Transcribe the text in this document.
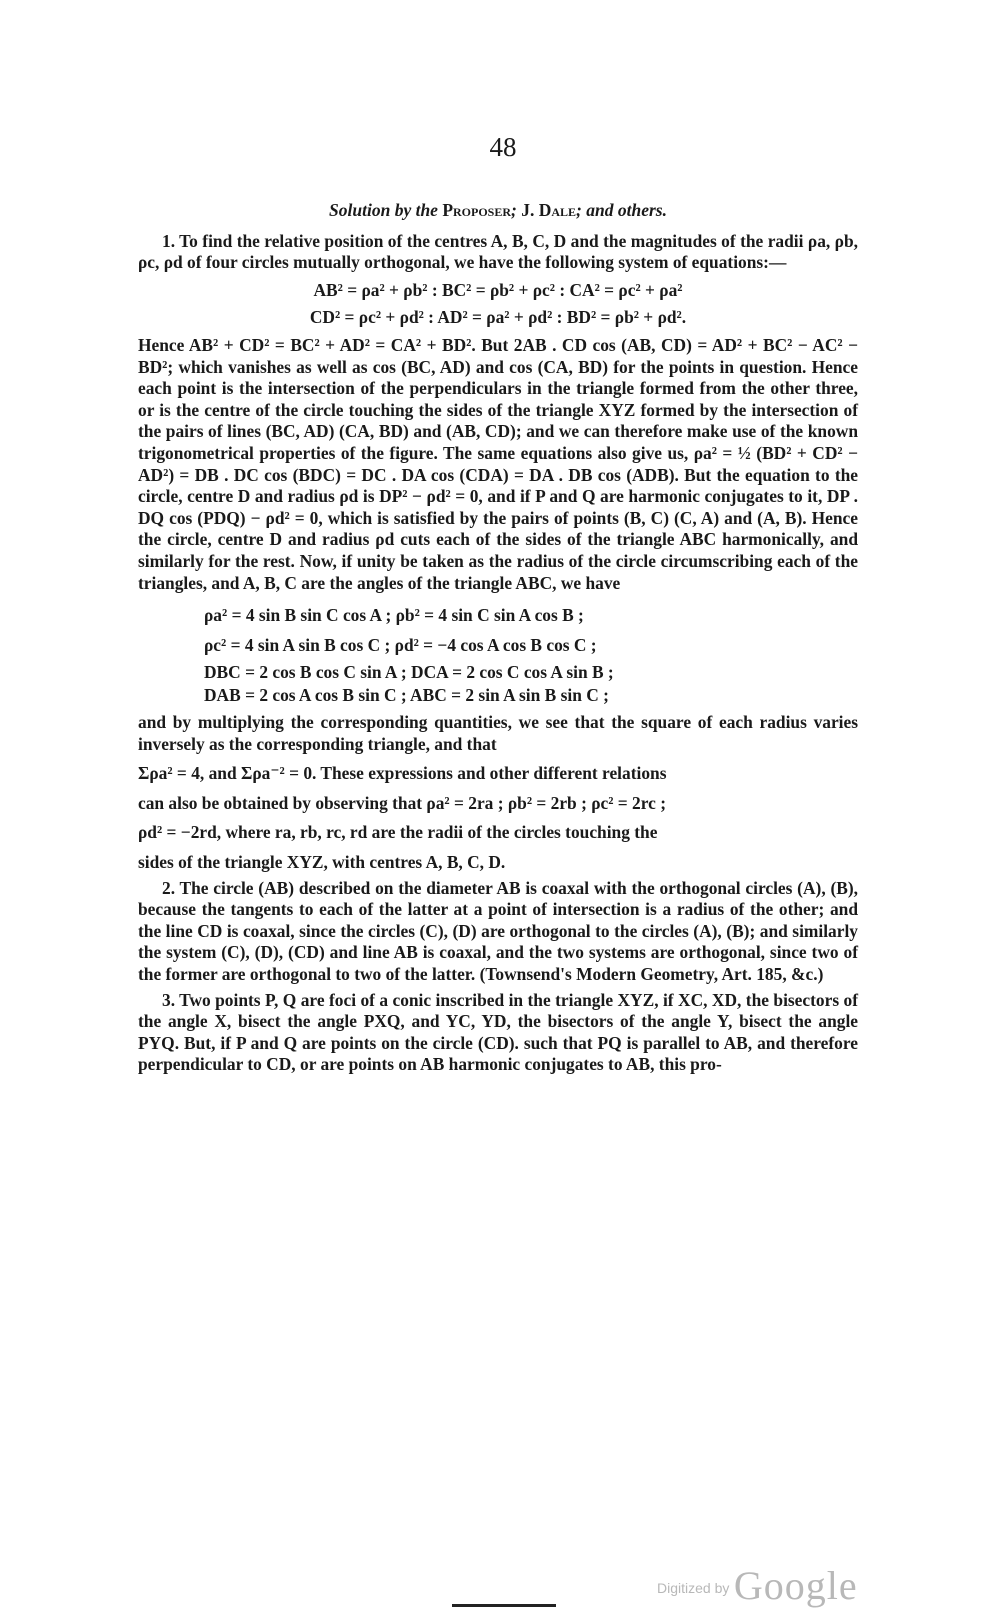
48
Solution by the Proposer; J. Dale; and others.

1. To find the relative position of the centres A, B, C, D and the magnitudes of the radii ρa, ρb, ρc, ρd of four circles mutually orthogonal, we have the following system of equations:—

AB² = ρa² + ρb² : BC² = ρb² + ρc² : CA² = ρc² + ρa²
CD² = ρc² + ρd² : AD² = ρa² + ρd² : BD² = ρb² + ρd².

Hence AB² + CD² = BC² + AD² = CA² + BD². But 2AB . CD cos (AB, CD) = AD² + BC² − AC² − BD²; which vanishes as well as cos (BC, AD) and cos (CA, BD) for the points in question. Hence each point is the intersection of the perpendiculars in the triangle formed from the other three, or is the centre of the circle touching the sides of the triangle XYZ formed by the intersection of the pairs of lines (BC, AD) (CA, BD) and (AB, CD); and we can therefore make use of the known trigonometrical properties of the figure. The same equations also give us, ρa² = ½ (BD² + CD² − AD²) = DB . DC cos (BDC) = DC . DA cos (CDA) = DA . DB cos (ADB). But the equation to the circle, centre D and radius ρd is DP² − ρd² = 0, and if P and Q are harmonic conjugates to it, DP . DQ cos (PDQ) − ρd² = 0, which is satisfied by the pairs of points (B, C) (C, A) and (A, B). Hence the circle, centre D and radius ρd cuts each of the sides of the triangle ABC harmonically, and similarly for the rest. Now, if unity be taken as the radius of the circle circumscribing each of the triangles, and A, B, C are the angles of the triangle ABC, we have

ρa² = 4 sin B sin C cos A ; ρb² = 4 sin C sin A cos B ;
ρc² = 4 sin A sin B cos C ; ρd² = −4 cos A cos B cos C ;
DBC = 2 cos B cos C sin A ; DCA = 2 cos C cos A sin B ;
DAB = 2 cos A cos B sin C ; ABC = 2 sin A sin B sin C ;

and by multiplying the corresponding quantities, we see that the square of each radius varies inversely as the corresponding triangle, and that

Σρa² = 4, and Σρa⁻² = 0. These expressions and other different relations

can also be obtained by observing that ρa² = 2ra ; ρb² = 2rb ; ρc² = 2rc ;

ρd² = −2rd, where ra, rb, rc, rd are the radii of the circles touching the

sides of the triangle XYZ, with centres A, B, C, D.

2. The circle (AB) described on the diameter AB is coaxal with the orthogonal circles (A), (B), because the tangents to each of the latter at a point of intersection is a radius of the other; and the line CD is coaxal, since the circles (C), (D) are orthogonal to the circles (A), (B); and similarly the system (C), (D), (CD) and line AB is coaxal, and the two systems are orthogonal, since two of the former are orthogonal to two of the latter. (Townsend's Modern Geometry, Art. 185, &c.)

3. Two points P, Q are foci of a conic inscribed in the triangle XYZ, if XC, XD, the bisectors of the angle X, bisect the angle PXQ, and YC, YD, the bisectors of the angle Y, bisect the angle PYQ. But, if P and Q are points on the circle (CD). such that PQ is parallel to AB, and therefore perpendicular to CD, or are points on AB harmonic conjugates to AB, this pro-

Digitized by Google
